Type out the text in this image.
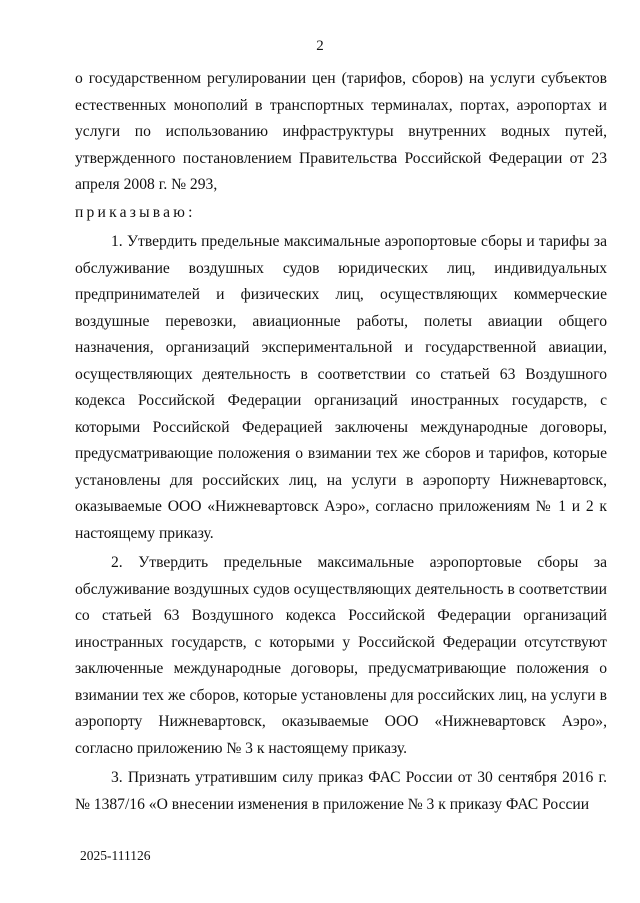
2

о государственном регулировании цен (тарифов, сборов) на услуги субъектов естественных монополий в транспортных терминалах, портах, аэропортах и услуги по использованию инфраструктуры внутренних водных путей, утвержденного постановлением Правительства Российской Федерации от 23 апреля 2008 г. № 293,

приказываю:

1. Утвердить предельные максимальные аэропортовые сборы и тарифы за обслуживание воздушных судов юридических лиц, индивидуальных предпринимателей и физических лиц, осуществляющих коммерческие воздушные перевозки, авиационные работы, полеты авиации общего назначения, организаций экспериментальной и государственной авиации, осуществляющих деятельность в соответствии со статьей 63 Воздушного кодекса Российской Федерации организаций иностранных государств, с которыми Российской Федерацией заключены международные договоры, предусматривающие положения о взимании тех же сборов и тарифов, которые установлены для российских лиц, на услуги в аэропорту Нижневартовск, оказываемые ООО «Нижневартовск Аэро», согласно приложениям № 1 и 2 к настоящему приказу.

2. Утвердить предельные максимальные аэропортовые сборы за обслуживание воздушных судов осуществляющих деятельность в соответствии со статьей 63 Воздушного кодекса Российской Федерации организаций иностранных государств, с которыми у Российской Федерации отсутствуют заключенные международные договоры, предусматривающие положения о взимании тех же сборов, которые установлены для российских лиц, на услуги в аэропорту Нижневартовск, оказываемые ООО «Нижневартовск Аэро», согласно приложению № 3 к настоящему приказу.

3. Признать утратившим силу приказ ФАС России от 30 сентября 2016 г. № 1387/16 «О внесении изменения в приложение № 3 к приказу ФАС России

2025-111126
